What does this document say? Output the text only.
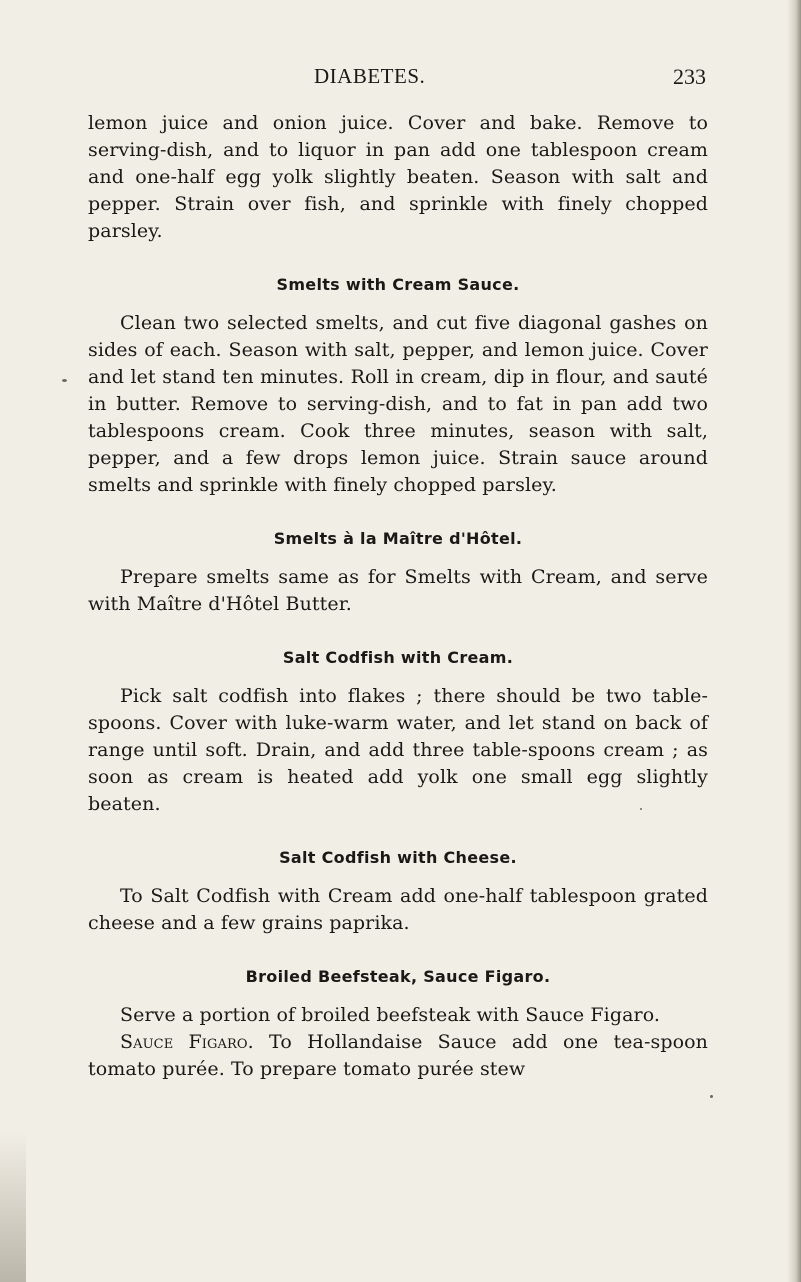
DIABETES.	233

lemon juice and onion juice. Cover and bake. Remove to serving-dish, and to liquor in pan add one tablespoon cream and one-half egg yolk slightly beaten. Season with salt and pepper. Strain over fish, and sprinkle with finely chopped parsley.

Smelts with Cream Sauce.

Clean two selected smelts, and cut five diagonal gashes on sides of each. Season with salt, pepper, and lemon juice. Cover and let stand ten minutes. Roll in cream, dip in flour, and sauté in butter. Remove to serving-dish, and to fat in pan add two tablespoons cream. Cook three minutes, season with salt, pepper, and a few drops lemon juice. Strain sauce around smelts and sprinkle with finely chopped parsley.

Smelts à la Maître d'Hôtel.

Prepare smelts same as for Smelts with Cream, and serve with Maître d'Hôtel Butter.

Salt Codfish with Cream.

Pick salt codfish into flakes ; there should be two table-spoons. Cover with luke-warm water, and let stand on back of range until soft. Drain, and add three table-spoons cream ; as soon as cream is heated add yolk one small egg slightly beaten.

Salt Codfish with Cheese.

To Salt Codfish with Cream add one-half tablespoon grated cheese and a few grains paprika.

Broiled Beefsteak, Sauce Figaro.

Serve a portion of broiled beefsteak with Sauce Figaro.

Sauce Figaro. To Hollandaise Sauce add one tea-spoon tomato purée. To prepare tomato purée stew
